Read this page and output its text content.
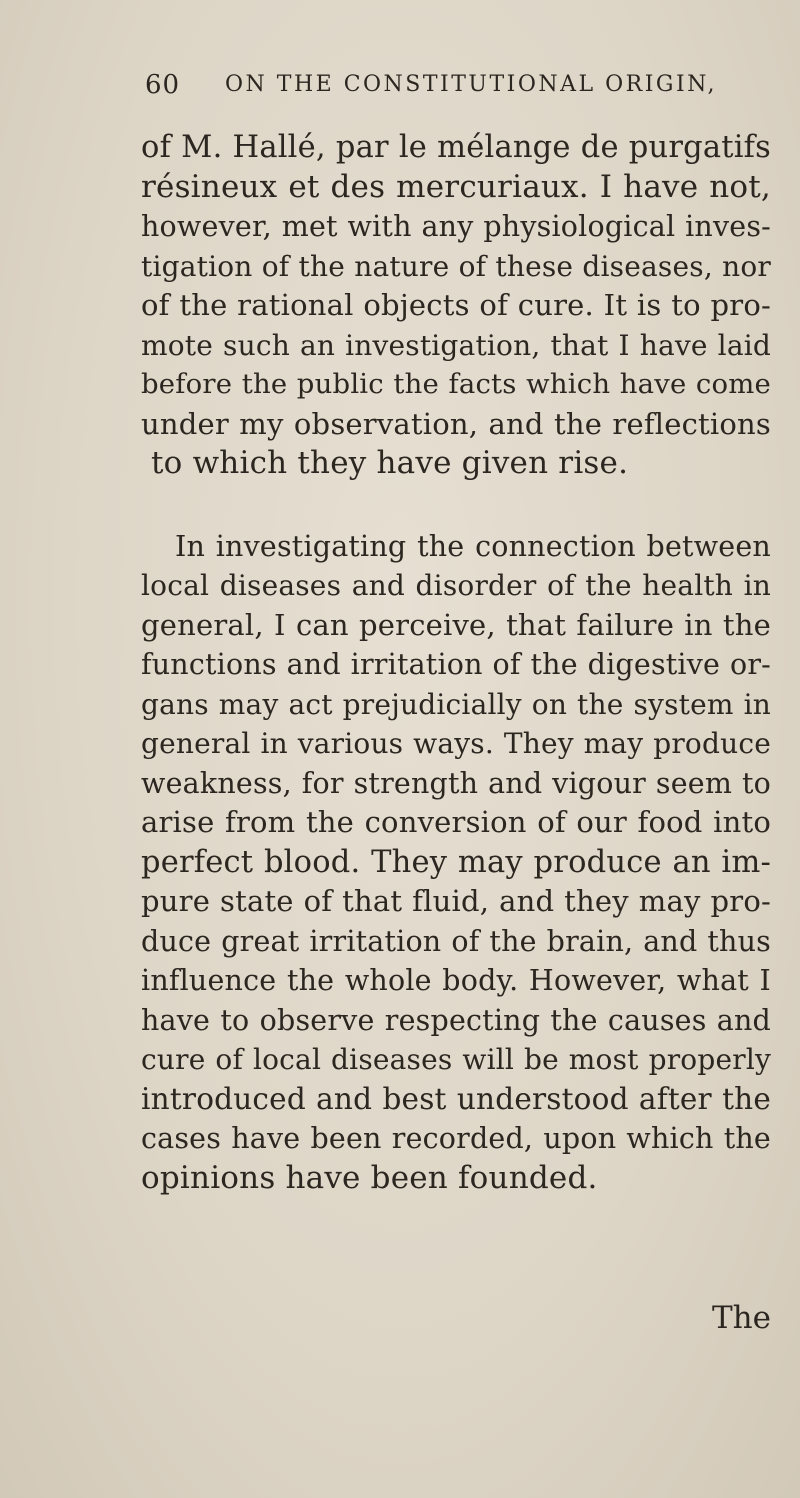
60 ON THE CONSTITUTIONAL ORIGIN,
of M. Hallé, par le mélange de purgatifs
résineux et des mercuriaux. I have not,
however, met with any physiological inves-
tigation of the nature of these diseases, nor
of the rational objects of cure. It is to pro-
mote such an investigation, that I have laid
before the public the facts which have come
under my observation, and the reflections
to which they have given rise.
In investigating the connection between
local diseases and disorder of the health in
general, I can perceive, that failure in the
functions and irritation of the digestive or-
gans may act prejudicially on the system in
general in various ways. They may produce
weakness, for strength and vigour seem to
arise from the conversion of our food into
perfect blood. They may produce an im-
pure state of that fluid, and they may pro-
duce great irritation of the brain, and thus
influence the whole body. However, what I
have to observe respecting the causes and
cure of local diseases will be most properly
introduced and best understood after the
cases have been recorded, upon which the
opinions have been founded.
The
